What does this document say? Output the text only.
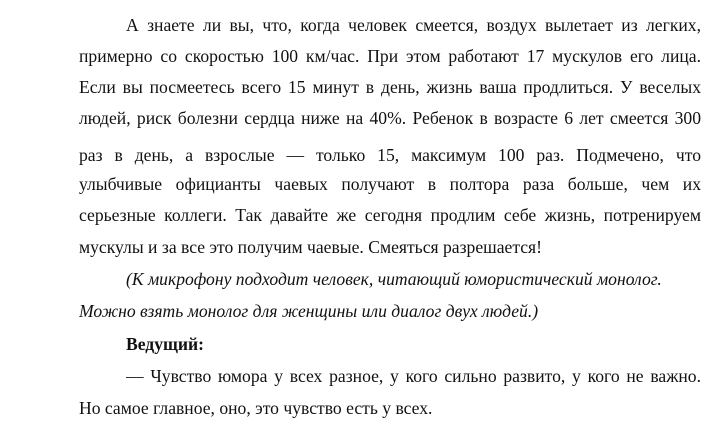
А знаете ли вы, что, когда человек смеется, воздух вылетает из легких,
примерно со скоростью 100 км/час. При этом работают 17 мускулов его лица.
Если вы посмеетесь всего 15 минут в день, жизнь ваша продлиться. У веселых
людей, риск болезни сердца ниже на 40%. Ребенок в возрасте 6 лет смеется 300
раз в день, а взрослые — только 15, максимум 100 раз. Подмечено, что
улыбчивые официанты чаевых получают в полтора раза больше, чем их
серьезные коллеги. Так давайте же сегодня продлим себе жизнь, потренируем
мускулы и за все это получим чаевые. Смеяться разрешается!
(К микрофону подходит человек, читающий юмористический монолог.
Можно взять монолог для женщины или диалог двух людей.)
Ведущий:
— Чувство юмора у всех разное, у кого сильно развито, у кого не важно.
Но самое главное, оно, это чувство есть у всех.
